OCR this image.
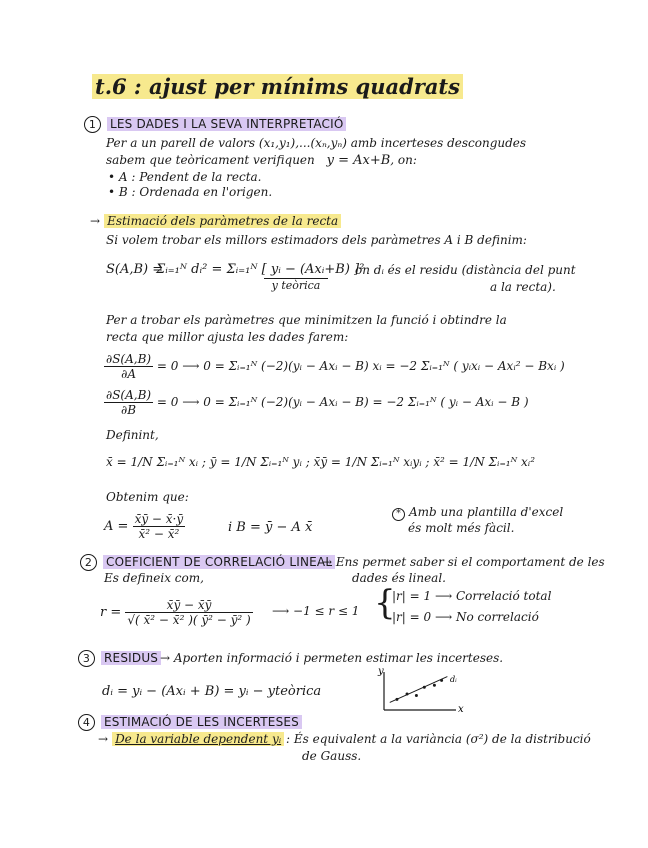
t.6 : ajust per mínims quadrats
1 LES DADES I LA SEVA INTERPRETACIÓ
Per a un parell de valors (x₁,y₁),...(xₙ,yₙ) amb incerteses descongudes
sabem que teòricament verifiquen y = Ax+B, on:
• A : Pendent de la recta.
• B : Ordenada en l'origen.
→ Estimació dels paràmetres de la recta
Si volem trobar els millors estimadors dels paràmetres A i B definim:
S(A,B) =
Σᵢ₌₁ᴺ dᵢ² = Σᵢ₌₁ᴺ [ yᵢ − (Axᵢ+B) ]²
y teòrica
on dᵢ és el residu (distància del punt
a la recta).
Per a trobar els paràmetres que minimitzen la funció i obtindre la
recta que millor ajusta les dades farem:
$\frac{\partial S(A,B)}{\partial A} = 0$ ⟶ 0 = Σᵢ₌₁ᴺ (−2)(yᵢ − Axᵢ − B) xᵢ = −2 Σᵢ₌₁ᴺ ( yᵢxᵢ − Axᵢ² − Bxᵢ )
$\frac{\partial S(A,B)}{\partial B} = 0$ ⟶ 0 = Σᵢ₌₁ᴺ (−2)(yᵢ − Axᵢ − B) = −2 Σᵢ₌₁ᴺ ( yᵢ − Axᵢ − B )
Definint,
x̄ = 1/N Σᵢ₌₁ᴺ xᵢ ; ȳ = 1/N Σᵢ₌₁ᴺ yᵢ ; x̄ȳ = 1/N Σᵢ₌₁ᴺ xᵢyᵢ ; x̄² = 1/N Σᵢ₌₁ᴺ xᵢ²
Obtenim que:
$A = \frac{x̄ȳ - x̄\cdot ȳ}{\text{x̄² − x̄²}}$	i B = ȳ − A x̄
* Amb una plantilla d'excel
és molt més fàcil.
2 COEFICIENT DE CORRELACIÓ LINEAL
→ Ens permet saber si el comportament de les
dades és lineal.
Es defineix com,
$r = \frac{x̄ȳ - x̄ȳ}{\text{√( x̄² − x̄² )( ȳ² − ȳ² )}}$ ⟶ −1 ≤ r ≤ 1 {
|r| = 1 ⟶ Correlació total
|r| = 0 ⟶ No correlació
3 RESIDUS → Aporten informació i permeten estimar les incerteses.
dᵢ = yᵢ − (Axᵢ + B) = yᵢ − yteòrica
y
x
dᵢ
4 ESTIMACIÓ DE LES INCERTESES
→ De la variable dependent yᵢ : És equivalent a la variància (σ²) de la distribució
de Gauss.
